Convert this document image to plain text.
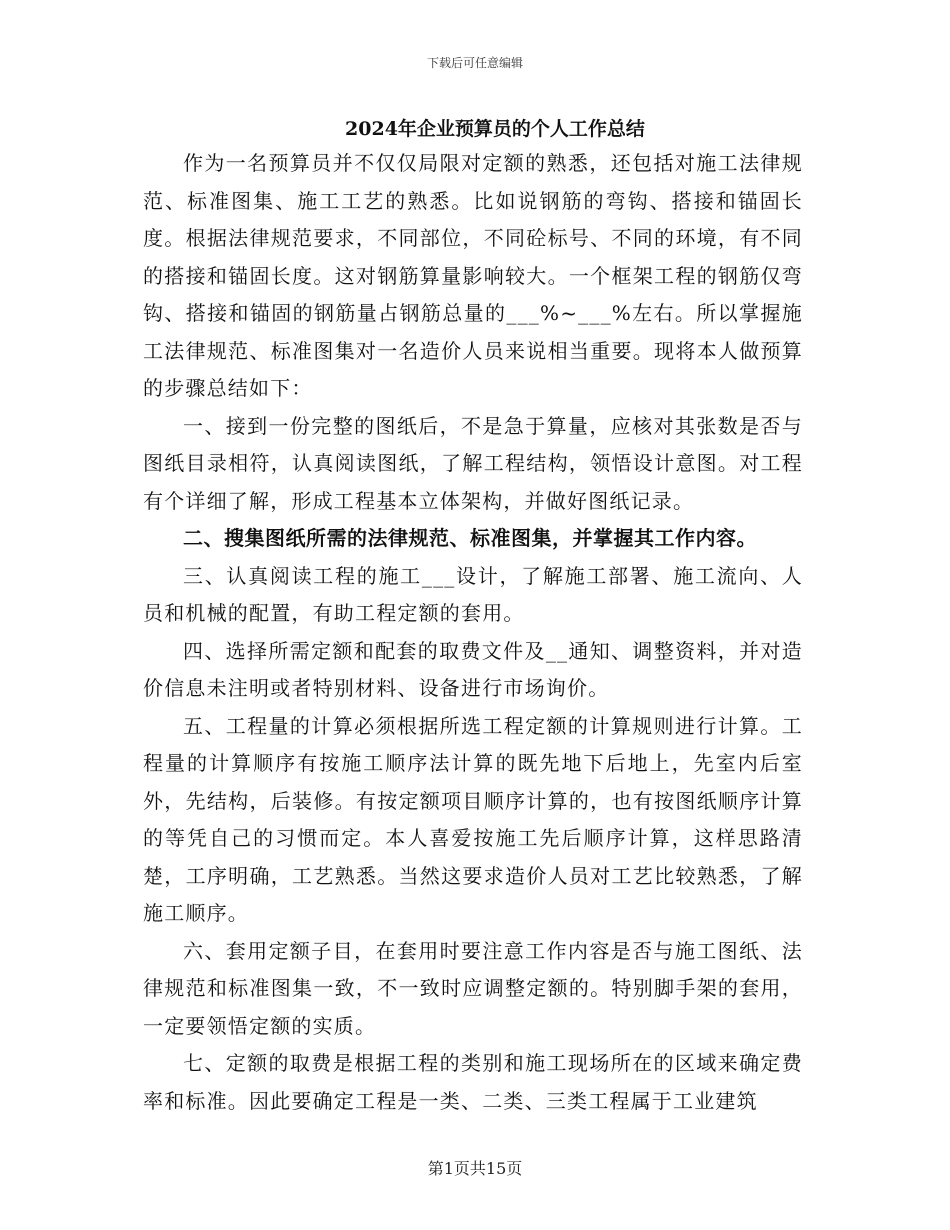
下载后可任意编辑
2024年企业预算员的个人工作总结

作为一名预算员并不仅仅局限对定额的熟悉，还包括对施工法律规范、标准图集、施工工艺的熟悉。比如说钢筋的弯钩、搭接和锚固长度。根据法律规范要求，不同部位，不同砼标号、不同的环境，有不同的搭接和锚固长度。这对钢筋算量影响较大。一个框架工程的钢筋仅弯钩、搭接和锚固的钢筋量占钢筋总量的___%~___%左右。所以掌握施工法律规范、标准图集对一名造价人员来说相当重要。现将本人做预算的步骤总结如下：

一、接到一份完整的图纸后，不是急于算量，应核对其张数是否与图纸目录相符，认真阅读图纸，了解工程结构，领悟设计意图。对工程有个详细了解，形成工程基本立体架构，并做好图纸记录。

二、搜集图纸所需的法律规范、标准图集，并掌握其工作内容。

三、认真阅读工程的施工___设计，了解施工部署、施工流向、人员和机械的配置，有助工程定额的套用。

四、选择所需定额和配套的取费文件及__通知、调整资料，并对造价信息未注明或者特别材料、设备进行市场询价。

五、工程量的计算必须根据所选工程定额的计算规则进行计算。工程量的计算顺序有按施工顺序法计算的既先地下后地上，先室内后室外，先结构，后装修。有按定额项目顺序计算的，也有按图纸顺序计算的等凭自己的习惯而定。本人喜爱按施工先后顺序计算，这样思路清楚，工序明确，工艺熟悉。当然这要求造价人员对工艺比较熟悉，了解施工顺序。

六、套用定额子目，在套用时要注意工作内容是否与施工图纸、法律规范和标准图集一致，不一致时应调整定额的。特别脚手架的套用，一定要领悟定额的实质。

七、定额的取费是根据工程的类别和施工现场所在的区域来确定费率和标准。因此要确定工程是一类、二类、三类工程属于工业建筑

第1页共15页
